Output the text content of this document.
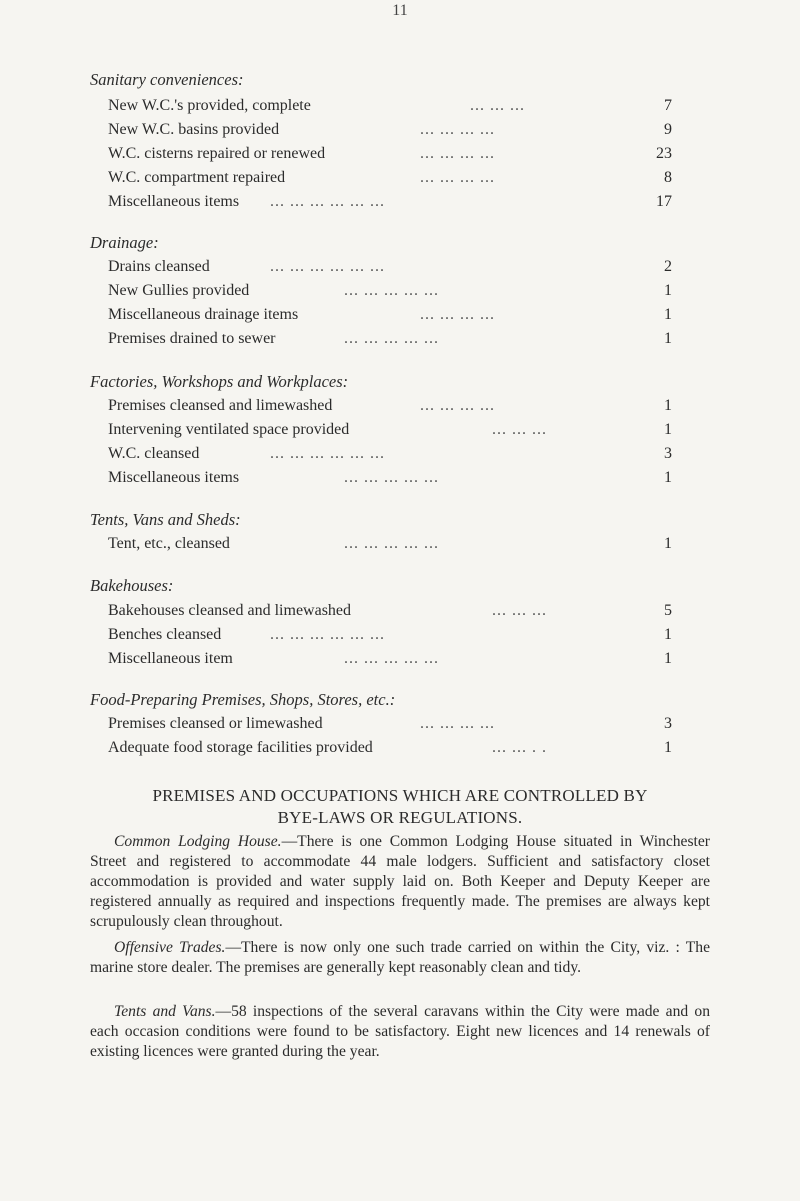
11
Sanitary conveniences:
New W.C.'s provided, complete	... ... ...	7
New W.C. basins provided	... ... ... ...	9
W.C. cisterns repaired or renewed	... ... ... ...	23
W.C. compartment repaired	... ... ... ...	8
Miscellaneous items ... ... ... ... ... ...	17
Drainage:
Drains cleansed	... ... ... ... ... ...	2
New Gullies provided	... ... ... ... ...	1
Miscellaneous drainage items	... ... ... ...	1
Premises drained to sewer	... ... ... ... ...	1
Factories, Workshops and Workplaces:
Premises cleansed and limewashed	... ... ... ...	1
Intervening ventilated space provided	... ... ...	1
W.C. cleansed	... ... ... ... ... ...	3
Miscellaneous items	... ... ... ... ...	1
Tents, Vans and Sheds:
Tent, etc., cleansed	... ... ... ... ...	1
Bakehouses:
Bakehouses cleansed and limewashed	... ... ...	5
Benches cleansed	... ... ... ... ... ...	1
Miscellaneous item	... ... ... ... ...	1
Food-Preparing Premises, Shops, Stores, etc.:
Premises cleansed or limewashed	... ... ... ...	3
Adequate food storage facilities provided	... ... . .	1
PREMISES AND OCCUPATIONS WHICH ARE CONTROLLED BY
BYE-LAWS OR REGULATIONS.
Common Lodging House.—There is one Common Lodging House situated in Winchester Street and registered to accommodate 44 male lodgers. Sufficient and satisfactory closet accommodation is provided and water supply laid on. Both Keeper and Deputy Keeper are registered annually as required and inspections frequently made. The premises are always kept scrupulously clean throughout.
Offensive Trades.—There is now only one such trade carried on within the City, viz. : The marine store dealer. The premises are generally kept reasonably clean and tidy.
Tents and Vans.—58 inspections of the several caravans within the City were made and on each occasion conditions were found to be satisfactory. Eight new licences and 14 renewals of existing licences were granted during the year.
